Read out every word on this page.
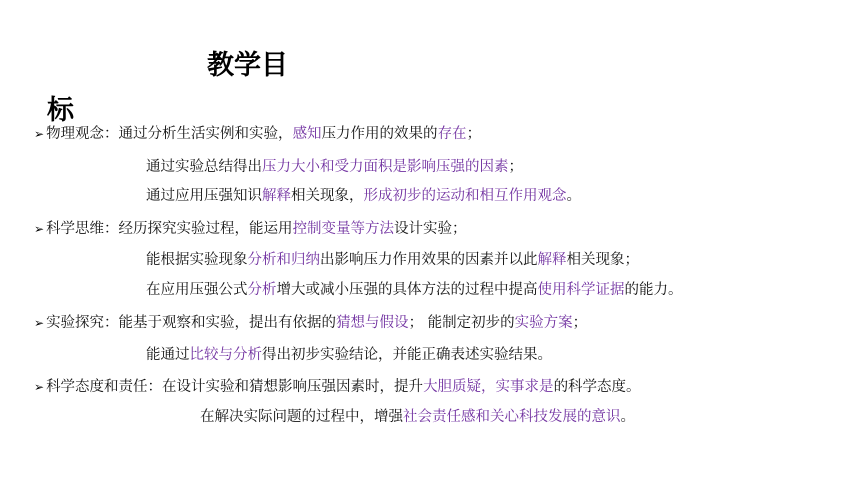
教学目
标
➢ 物理观念：通过分析生活实例和实验，感知压力作用的效果的存在；
通过实验总结得出压力大小和受力面积是影响压强的因素；
通过应用压强知识解释相关现象，形成初步的运动和相互作用观念。
➢ 科学思维：经历探究实验过程，能运用控制变量等方法设计实验；
能根据实验现象分析和归纳出影响压力作用效果的因素并以此解释相关现象；
在应用压强公式分析增大或减小压强的具体方法的过程中提高使用科学证据的能力。
➢ 实验探究：能基于观察和实验，提出有依据的猜想与假设； 能制定初步的实验方案；
能通过比较与分析得出初步实验结论，并能正确表述实验结果。
➢ 科学态度和责任：在设计实验和猜想影响压强因素时，提升大胆质疑，实事求是的科学态度。
在解决实际问题的过程中，增强社会责任感和关心科技发展的意识。
